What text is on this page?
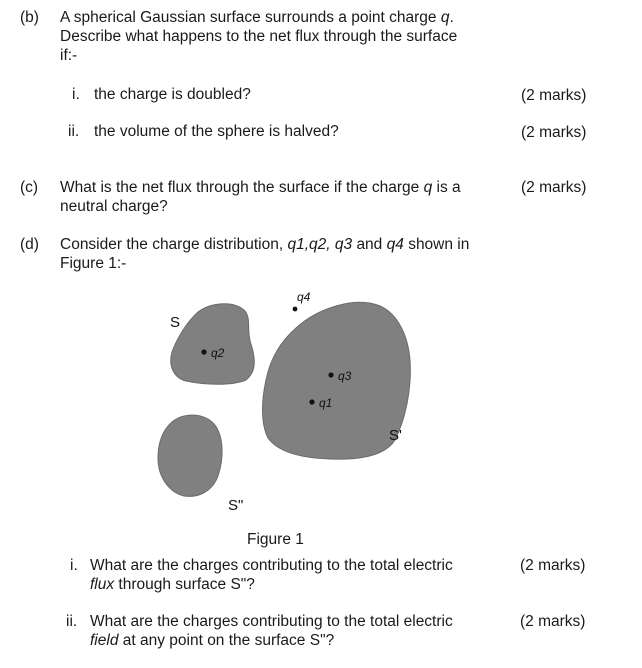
(b)	A spherical Gaussian surface surrounds a point charge q.
Describe what happens to the net flux through the surface
if:-
i. the charge is doubled?	(2 marks)
ii. the volume of the sphere is halved?	(2 marks)
(c)	What is the net flux through the surface if the charge q is a
neutral charge?
(2 marks)
(d)	Consider the charge distribution, q1,q2, q3 and q4 shown in
Figure 1:-
q2
q3
q1
q4
S
S'
S"
Figure 1
i. What are the charges contributing to the total electric
flux through surface S"?
(2 marks)
ii. What are the charges contributing to the total electric
field at any point on the surface S"?
(2 marks)
